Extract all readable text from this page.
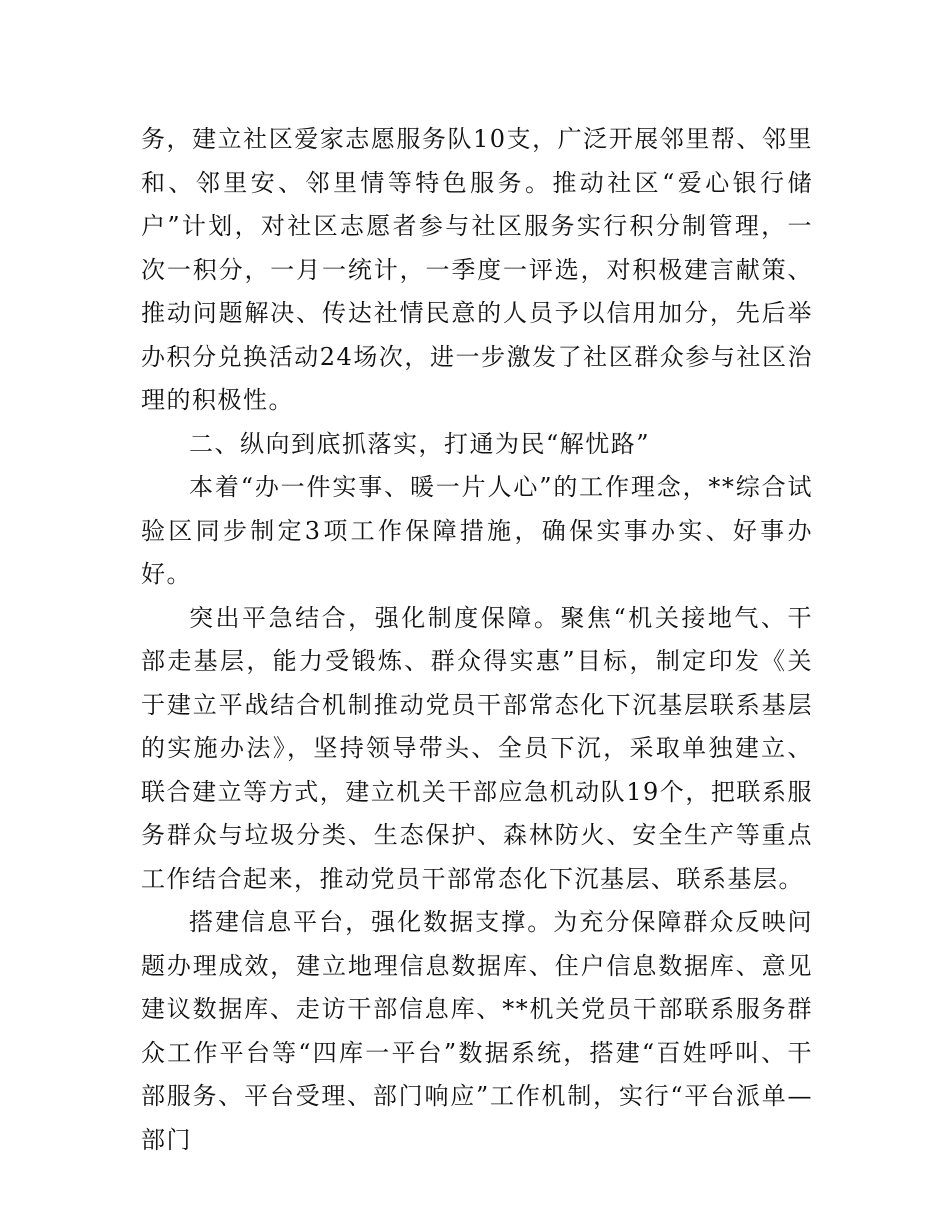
务，建立社区爱家志愿服务队10支，广泛开展邻里帮、邻里和、邻里安、邻里情等特色服务。推动社区“爱心银行储户”计划，对社区志愿者参与社区服务实行积分制管理，一次一积分，一月一统计，一季度一评选，对积极建言献策、推动问题解决、传达社情民意的人员予以信用加分，先后举办积分兑换活动24场次，进一步激发了社区群众参与社区治理的积极性。

二、纵向到底抓落实，打通为民“解忧路”

本着“办一件实事、暖一片人心”的工作理念，**综合试验区同步制定3项工作保障措施，确保实事办实、好事办好。

突出平急结合，强化制度保障。聚焦“机关接地气、干部走基层，能力受锻炼、群众得实惠”目标，制定印发《关于建立平战结合机制推动党员干部常态化下沉基层联系基层的实施办法》，坚持领导带头、全员下沉，采取单独建立、联合建立等方式，建立机关干部应急机动队19个，把联系服务群众与垃圾分类、生态保护、森林防火、安全生产等重点工作结合起来，推动党员干部常态化下沉基层、联系基层。

搭建信息平台，强化数据支撑。为充分保障群众反映问题办理成效，建立地理信息数据库、住户信息数据库、意见建议数据库、走访干部信息库、**机关党员干部联系服务群众工作平台等“四库一平台”数据系统，搭建“百姓呼叫、干部服务、平台受理、部门响应”工作机制，实行“平台派单—部门
